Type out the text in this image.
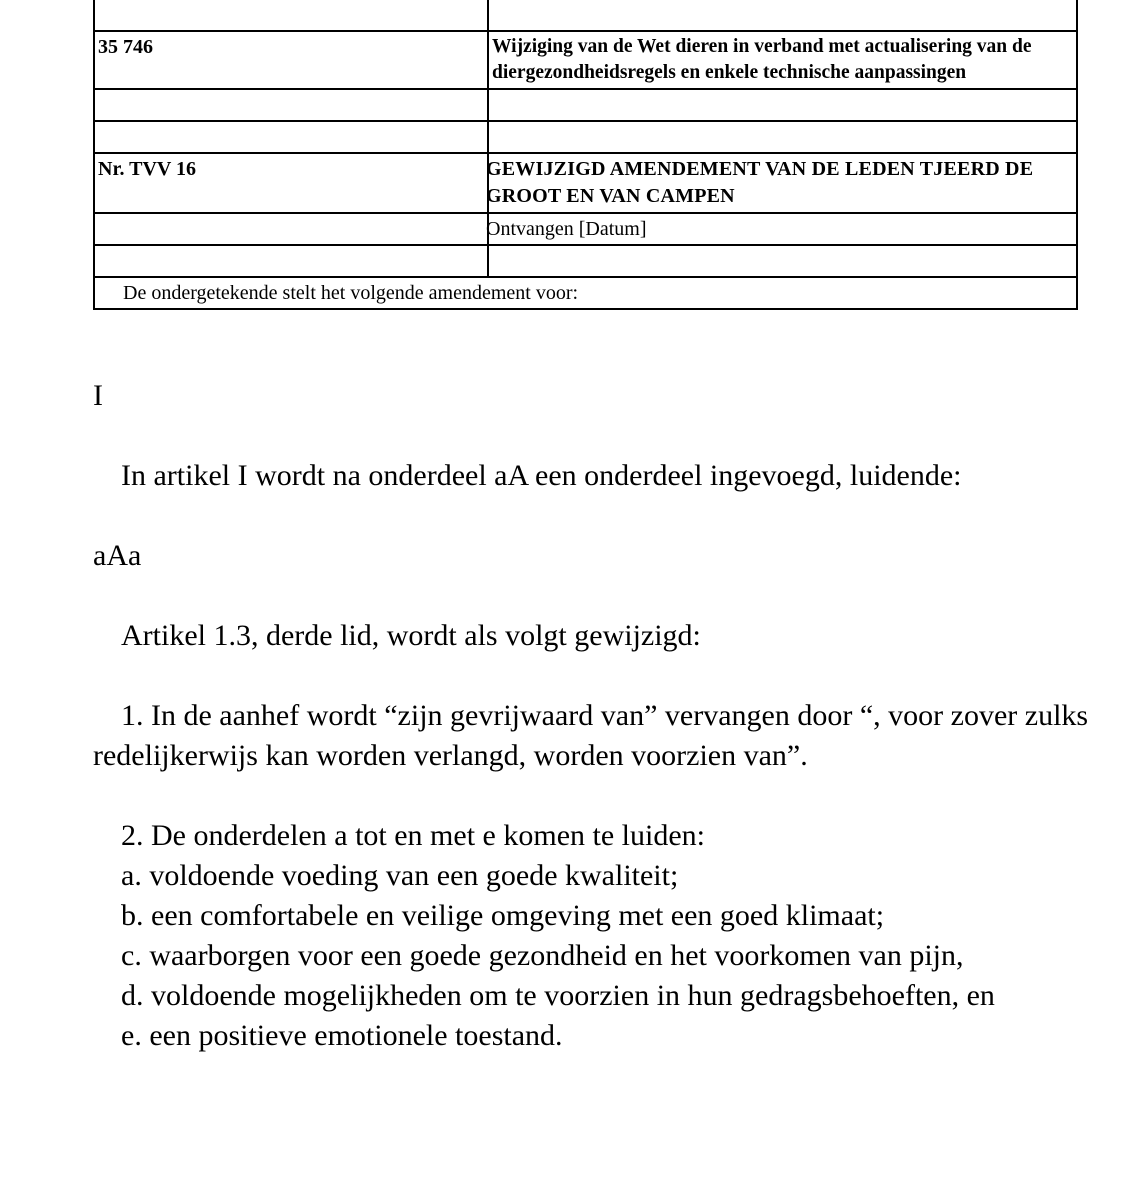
35 746	Wijziging van de Wet dieren in verband met actualisering van de diergezondheidsregels en enkele technische aanpassingen

Nr. TVV 16	GEWIJZIGD AMENDEMENT VAN DE LEDEN TJEERD DE GROOT EN VAN CAMPEN

	Ontvangen [Datum]

De ondergetekende stelt het volgende amendement voor:	

I

In artikel I wordt na onderdeel aA een onderdeel ingevoegd, luidende:

aAa

Artikel 1.3, derde lid, wordt als volgt gewijzigd:

1. In de aanhef wordt “zijn gevrijwaard van” vervangen door “, voor zover zulks redelijkerwijs kan worden verlangd, worden voorzien van”.

2. De onderdelen a tot en met e komen te luiden:

a. voldoende voeding van een goede kwaliteit;

b. een comfortabele en veilige omgeving met een goed klimaat;

c. waarborgen voor een goede gezondheid en het voorkomen van pijn,

d. voldoende mogelijkheden om te voorzien in hun gedragsbehoeften, en

e. een positieve emotionele toestand.
